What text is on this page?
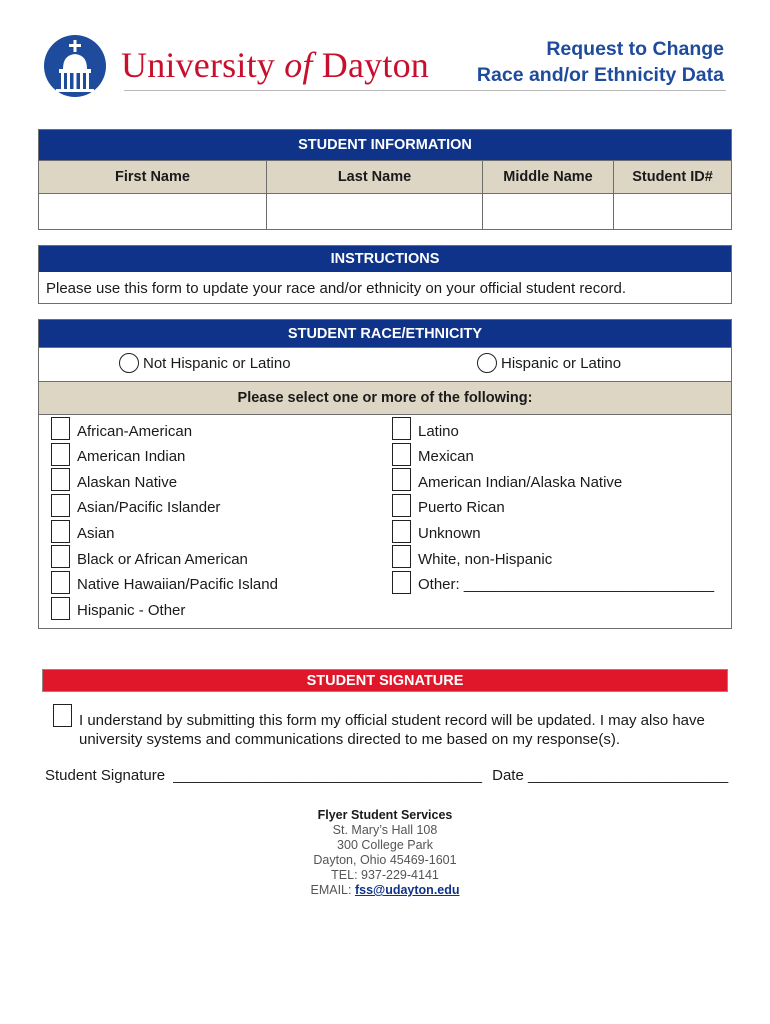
University of Dayton	Request to Change
Race and/or Ethnicity Data
STUDENT INFORMATION			
First Name	Last Name	Middle Name	Student ID#

INSTRUCTIONS
Please use this form to update your race and/or ethnicity on your official student record.
STUDENT RACE/ETHNICITY
Please select one or more of the following:
Not Hispanic or Latino	Hispanic or Latino
African-American
American Indian
Alaskan Native
Asian/Pacific Islander
Asian
Black or African American
Native Hawaiian/Pacific Island
Hispanic - Other
Latino
Mexican
American Indian/Alaska Native
Puerto Rican
Unknown
White, non-Hispanic
Other: ______________________________
STUDENT SIGNATURE
I understand by submitting this form my official student record will be updated. I may also have
university systems and communications directed to me based on my response(s).
Student Signature _____________________________________ Date ________________________
Flyer Student Services
St. Mary’s Hall 108
300 College Park
Dayton, Ohio 45469-1601
TEL: 937-229-4141
EMAIL: fss@udayton.edu
